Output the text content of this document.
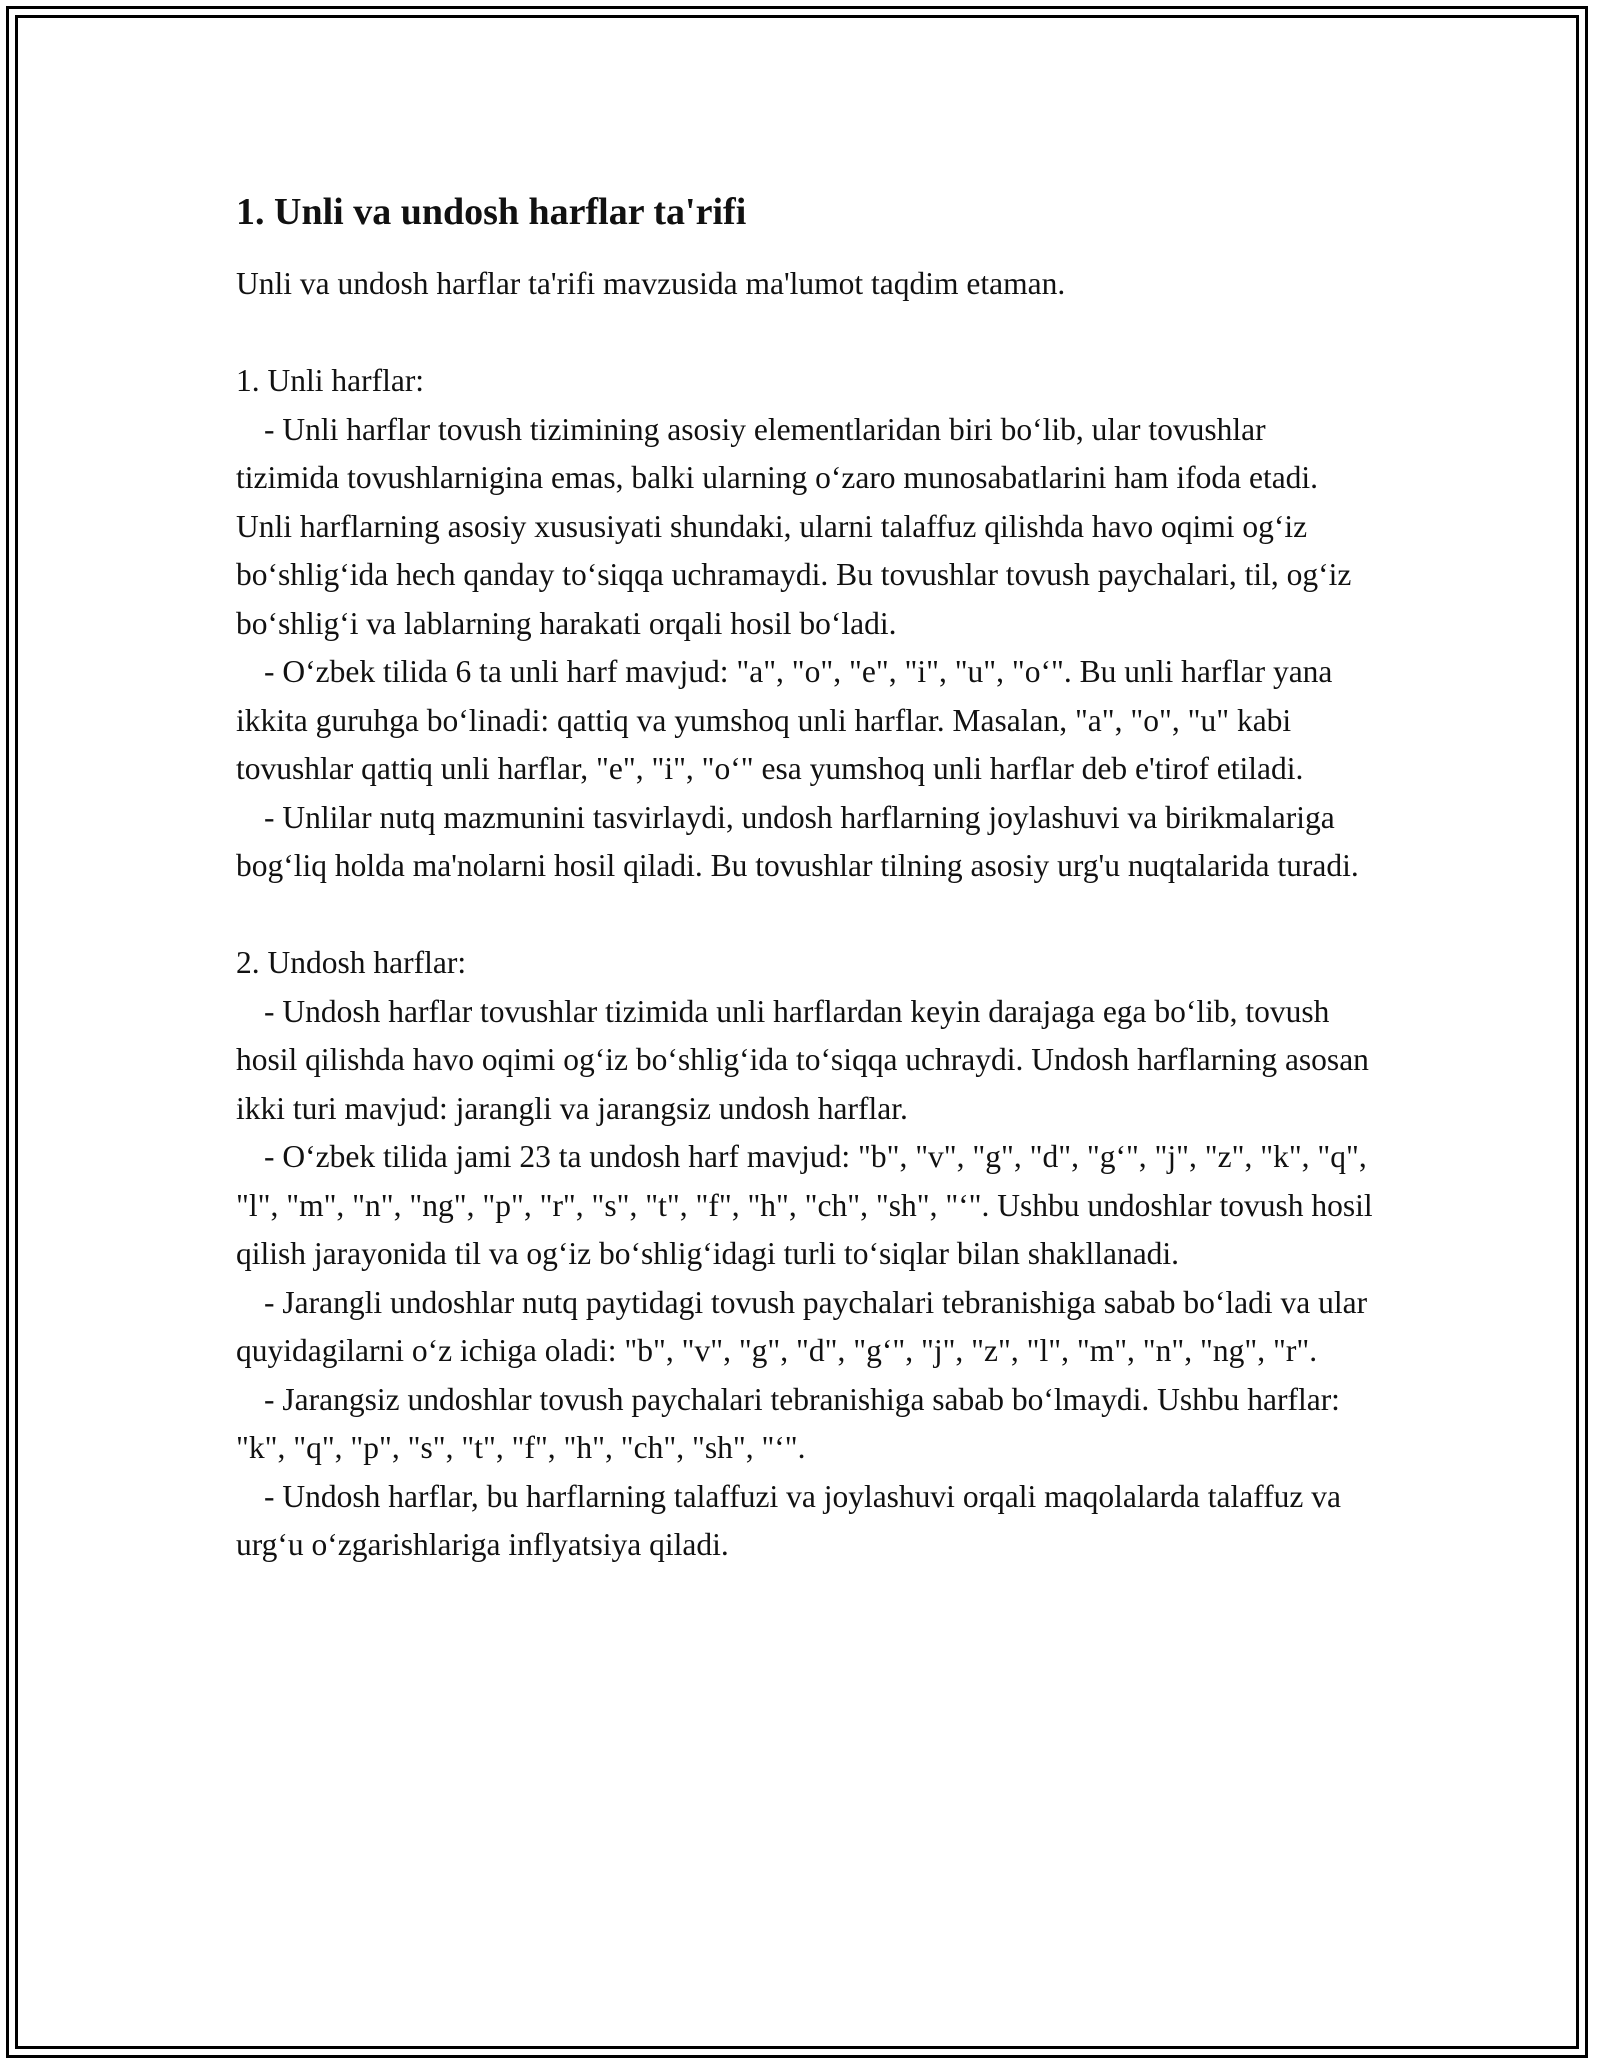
1. Unli va undosh harflar ta'rifi

Unli va undosh harflar ta'rifi mavzusida ma'lumot taqdim etaman.

1. Unli harflar:

- Unli harflar tovush tizimining asosiy elementlaridan biri bo‘lib, ular tovushlar tizimida tovushlarnigina emas, balki ularning o‘zaro munosabatlarini ham ifoda etadi. Unli harflarning asosiy xususiyati shundaki, ularni talaffuz qilishda havo oqimi og‘iz bo‘shlig‘ida hech qanday to‘siqqa uchramaydi. Bu tovushlar tovush paychalari, til, og‘iz bo‘shlig‘i va lablarning harakati orqali hosil bo‘ladi.

- O‘zbek tilida 6 ta unli harf mavjud: "a", "o", "e", "i", "u", "o‘". Bu unli harflar yana ikkita guruhga bo‘linadi: qattiq va yumshoq unli harflar. Masalan, "a", "o", "u" kabi tovushlar qattiq unli harflar, "e", "i", "o‘" esa yumshoq unli harflar deb e'tirof etiladi.

- Unlilar nutq mazmunini tasvirlaydi, undosh harflarning joylashuvi va birikmalariga bog‘liq holda ma'nolarni hosil qiladi. Bu tovushlar tilning asosiy urg'u nuqtalarida turadi.

2. Undosh harflar:

- Undosh harflar tovushlar tizimida unli harflardan keyin darajaga ega bo‘lib, tovush hosil qilishda havo oqimi og‘iz bo‘shlig‘ida to‘siqqa uchraydi. Undosh harflarning asosan ikki turi mavjud: jarangli va jarangsiz undosh harflar.

- O‘zbek tilida jami 23 ta undosh harf mavjud: "b", "v", "g", "d", "g‘", "j", "z", "k", "q", "l", "m", "n", "ng", "p", "r", "s", "t", "f", "h", "ch", "sh", "‘". Ushbu undoshlar tovush hosil qilish jarayonida til va og‘iz bo‘shlig‘idagi turli to‘siqlar bilan shakllanadi.

- Jarangli undoshlar nutq paytidagi tovush paychalari tebranishiga sabab bo‘ladi va ular quyidagilarni o‘z ichiga oladi: "b", "v", "g", "d", "g‘", "j", "z", "l", "m", "n", "ng", "r".

- Jarangsiz undoshlar tovush paychalari tebranishiga sabab bo‘lmaydi. Ushbu harflar: "k", "q", "p", "s", "t", "f", "h", "ch", "sh", "‘".

- Undosh harflar, bu harflarning talaffuzi va joylashuvi orqali maqolalarda talaffuz va urg‘u o‘zgarishlariga inflyatsiya qiladi.
